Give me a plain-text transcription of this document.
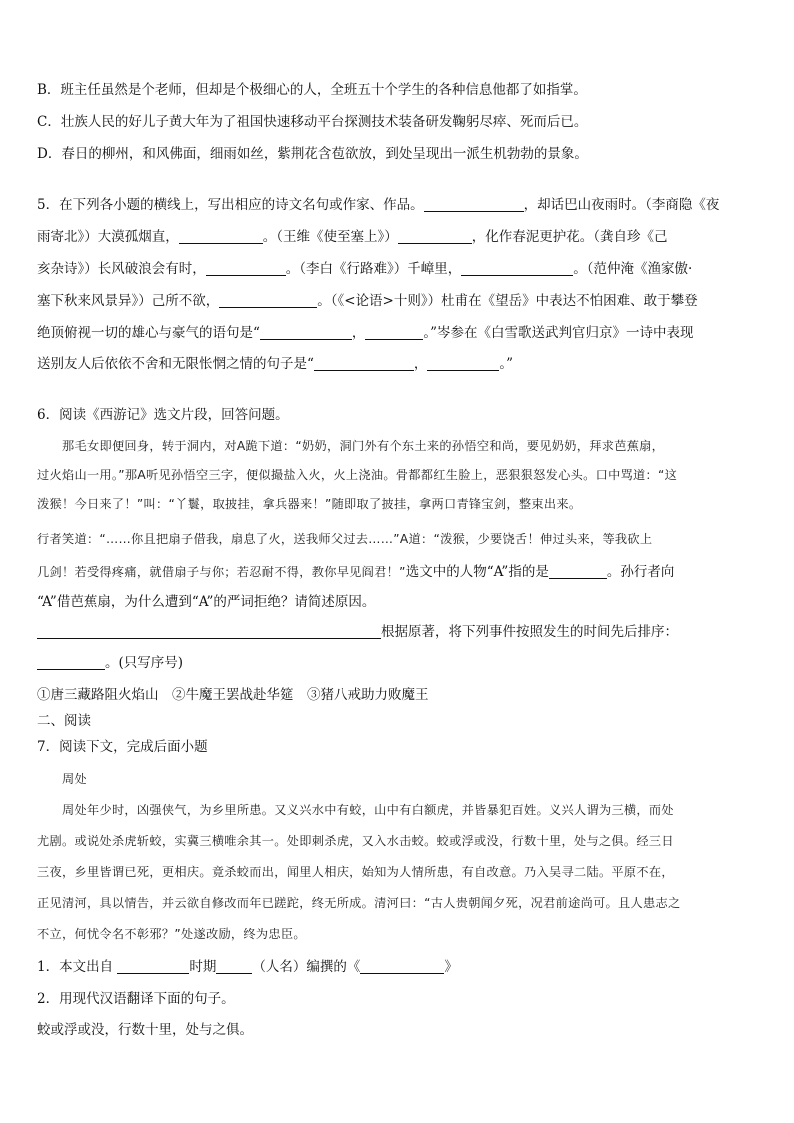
B．班主任虽然是个老师，但却是个极细心的人，全班五十个学生的各种信息他都了如指掌。
C．壮族人民的好儿子黄大年为了祖国快速移动平台探测技术装备研发鞠躬尽瘁、死而后已。
D．春日的柳州，和风佛面，细雨如丝，紫荆花含苞欲放，到处呈现出一派生机勃勃的景象。
5．在下列各小题的横线上，写出相应的诗文名句或作家、作品。	，却话巴山夜雨时。（李商隐《夜
雨寄北》）大漠孤烟直，	。（王维《使至塞上》）	，化作春泥更护花。（龚自珍《己
亥杂诗》）长风破浪会有时，	。（李白《行路难》）千嶂里，	。（范仲淹《渔家傲·
塞下秋来风景异》）己所不欲，	。（《<论语>十则》）杜甫在《望岳》中表达不怕困难、敢于攀登
绝顶俯视一切的雄心与豪气的语句是“	，	。”岑参在《白雪歌送武判官归京》一诗中表现
送别友人后依依不舍和无限怅惘之情的句子是“	，	。”
6．阅读《西游记》选文片段，回答问题。
那毛女即便回身，转于洞内，对A跪下道：“奶奶，洞门外有个东土来的孙悟空和尚，要见奶奶，拜求芭蕉扇，
过火焰山一用。”那A听见孙悟空三字，便似撮盐入火，火上浇油。骨都都红生脸上，恶狠狠怒发心头。口中骂道：“这
泼猴！今日来了！”叫：“丫鬟，取披挂，拿兵器来！”随即取了披挂，拿两口青锋宝剑，整束出来。
行者笑道：“……你且把扇子借我，扇息了火，送我师父过去……”A道：“泼猴，少要饶舌！伸过头来，等我砍上
几剑！若受得疼痛，就借扇子与你；若忍耐不得，教你早见阎君！”选文中的人物“A”指的是	。孙行者向
“A”借芭蕉扇，为什么遭到“A”的严词拒绝？请简述原因。
根据原著，将下列事件按照发生的时间先后排序：
。(只写序号)
①唐三藏路阻火焰山　②牛魔王罢战赴华筵　③猪八戒助力败魔王
二、阅读
7．阅读下文，完成后面小题
周处
周处年少时，凶强侠气，为乡里所患。又义兴水中有蛟，山中有白额虎，并皆暴犯百姓。义兴人谓为三横，而处
尤剧。或说处杀虎斩蛟，实冀三横唯余其一。处即刺杀虎，又入水击蛟。蛟或浮或没，行数十里，处与之俱。经三日
三夜，乡里皆谓已死，更相庆。竟杀蛟而出，闻里人相庆，始知为人情所患，有自改意。乃入吴寻二陆。平原不在，
正见清河，具以情告，并云欲自修改而年已蹉跎，终无所成。清河曰：“古人贵朝闻夕死，况君前途尚可。且人患志之
不立，何忧令名不彰邪？”处遂改励，终为忠臣。
1．本文出自	时期	（人名）编撰的《	》
2．用现代汉语翻译下面的句子。
蛟或浮或没，行数十里，处与之俱。
